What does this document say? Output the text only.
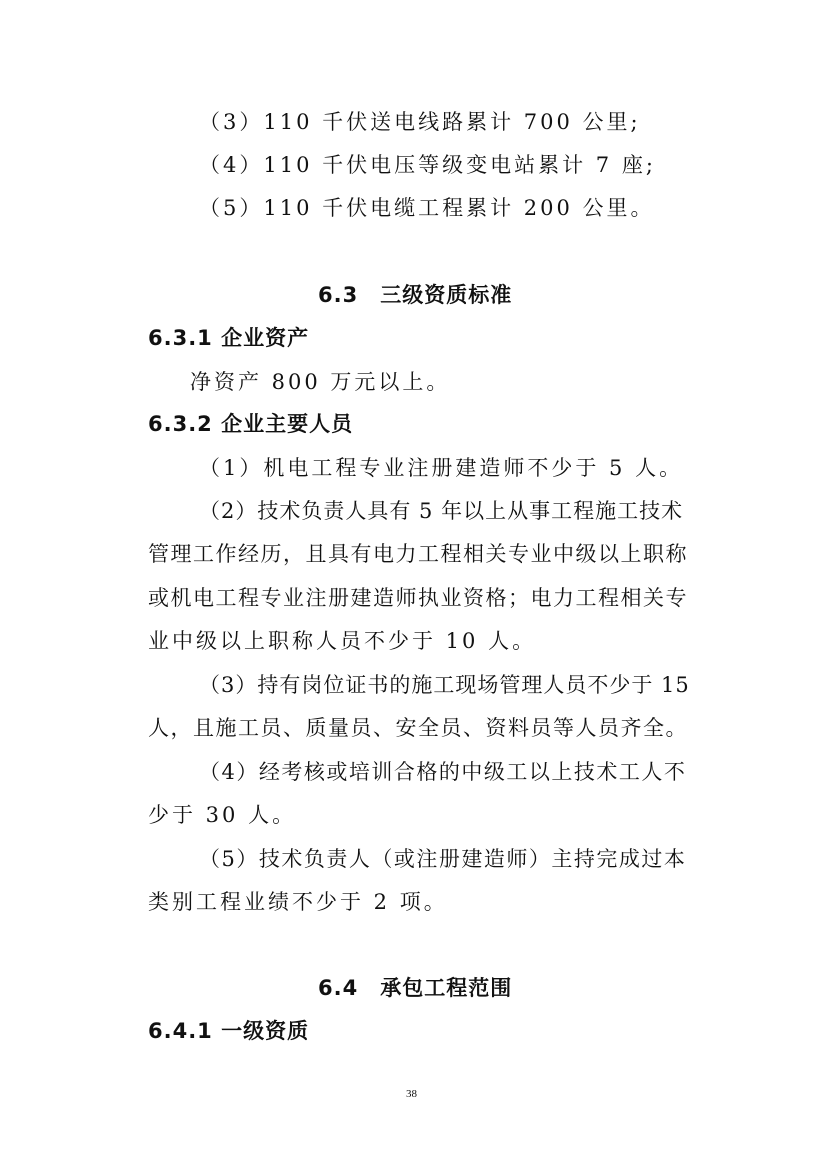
（3）110 千伏送电线路累计 700 公里;
（4）110 千伏电压等级变电站累计 7 座;
（5）110 千伏电缆工程累计 200 公里。
6.3　三级资质标准
6.3.1 企业资产
净资产 800 万元以上。
6.3.2 企业主要人员
（1）机电工程专业注册建造师不少于 5 人。
（2）技术负责人具有 5 年以上从事工程施工技术
管理工作经历，且具有电力工程相关专业中级以上职称
或机电工程专业注册建造师执业资格；电力工程相关专
业中级以上职称人员不少于 10 人。
（3）持有岗位证书的施工现场管理人员不少于 15
人，且施工员、质量员、安全员、资料员等人员齐全。
（4）经考核或培训合格的中级工以上技术工人不
少于 30 人。
（5）技术负责人（或注册建造师）主持完成过本
类别工程业绩不少于 2 项。
6.4　承包工程范围
6.4.1 一级资质
38
